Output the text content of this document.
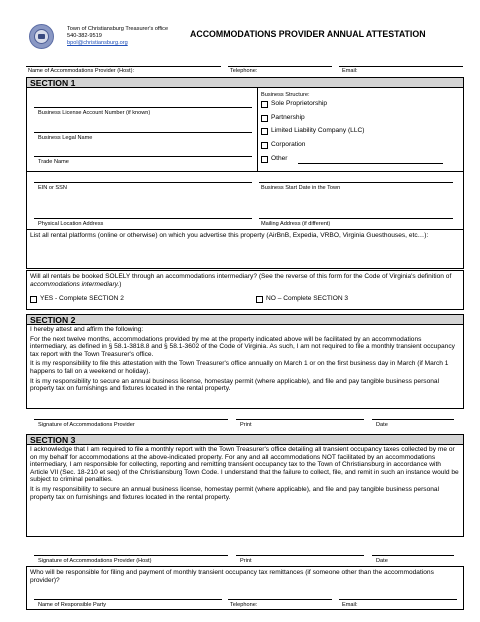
Town of Christiansburg Treasurer's office
540-382-9519
bpol@christiansburg.org
ACCOMMODATIONS PROVIDER ANNUAL ATTESTATION
Name of Accommodations Provider (Host):	Telephone:	Email:
SECTION 1
Business License Account Number (if known)
Business Legal Name
Trade Name
Business Structure:
Sole Proprietorship
Partnership
Limited Liability Company (LLC)
Corporation
Other
EIN or SSN	Business Start Date in the Town
Physical Location Address	Mailing Address (if different)
List all rental platforms (online or otherwise) on which you advertise this property (AirBnB, Expedia, VRBO, Virginia Guesthouses, etc…):
Will all rentals be booked SOLELY through an accommodations intermediary? (See the reverse of this form for the Code of Virginia's definition of accommodations intermediary.)
YES - Complete SECTION 2	NO – Complete SECTION 3
SECTION 2

I hereby attest and affirm the following:

For the next twelve months, accommodations provided by me at the property indicated above will be facilitated by an accommodations intermediary, as defined in § 58.1-3818.8 and § 58.1-3602 of the Code of Virginia. As such, I am not required to file a monthly transient occupancy tax report with the Town Treasurer's office.

It is my responsibility to file this attestation with the Town Treasurer's office annually on March 1 or on the first business day in March (if March 1 happens to fall on a weekend or holiday).

It is my responsibility to secure an annual business license, homestay permit (where applicable), and file and pay tangible business personal property tax on furnishings and fixtures located in the rental property.

Signature of Accommodations Provider	Print	Date
SECTION 3

I acknowledge that I am required to file a monthly report with the Town Treasurer's office detailing all transient occupancy taxes collected by me or on my behalf for accommodations at the above-indicated property. For any and all accommodations NOT facilitated by an accommodations intermediary, I am responsible for collecting, reporting and remitting transient occupancy tax to the Town of Christiansburg in accordance with Article VII (Sec. 18-210 et seq) of the Christiansburg Town Code. I understand that the failure to collect, file, and remit in such an instance would be subject to criminal penalties.

It is my responsibility to secure an annual business license, homestay permit (where applicable), and file and pay tangible business personal property tax on furnishings and fixtures located in the rental property.

Signature of Accommodations Provider (Host)	Print	Date
Who will be responsible for filing and payment of monthly transient occupancy tax remittances (if someone other than the accommodations provider)?
Name of Responsible Party	Telephone:	Email:
